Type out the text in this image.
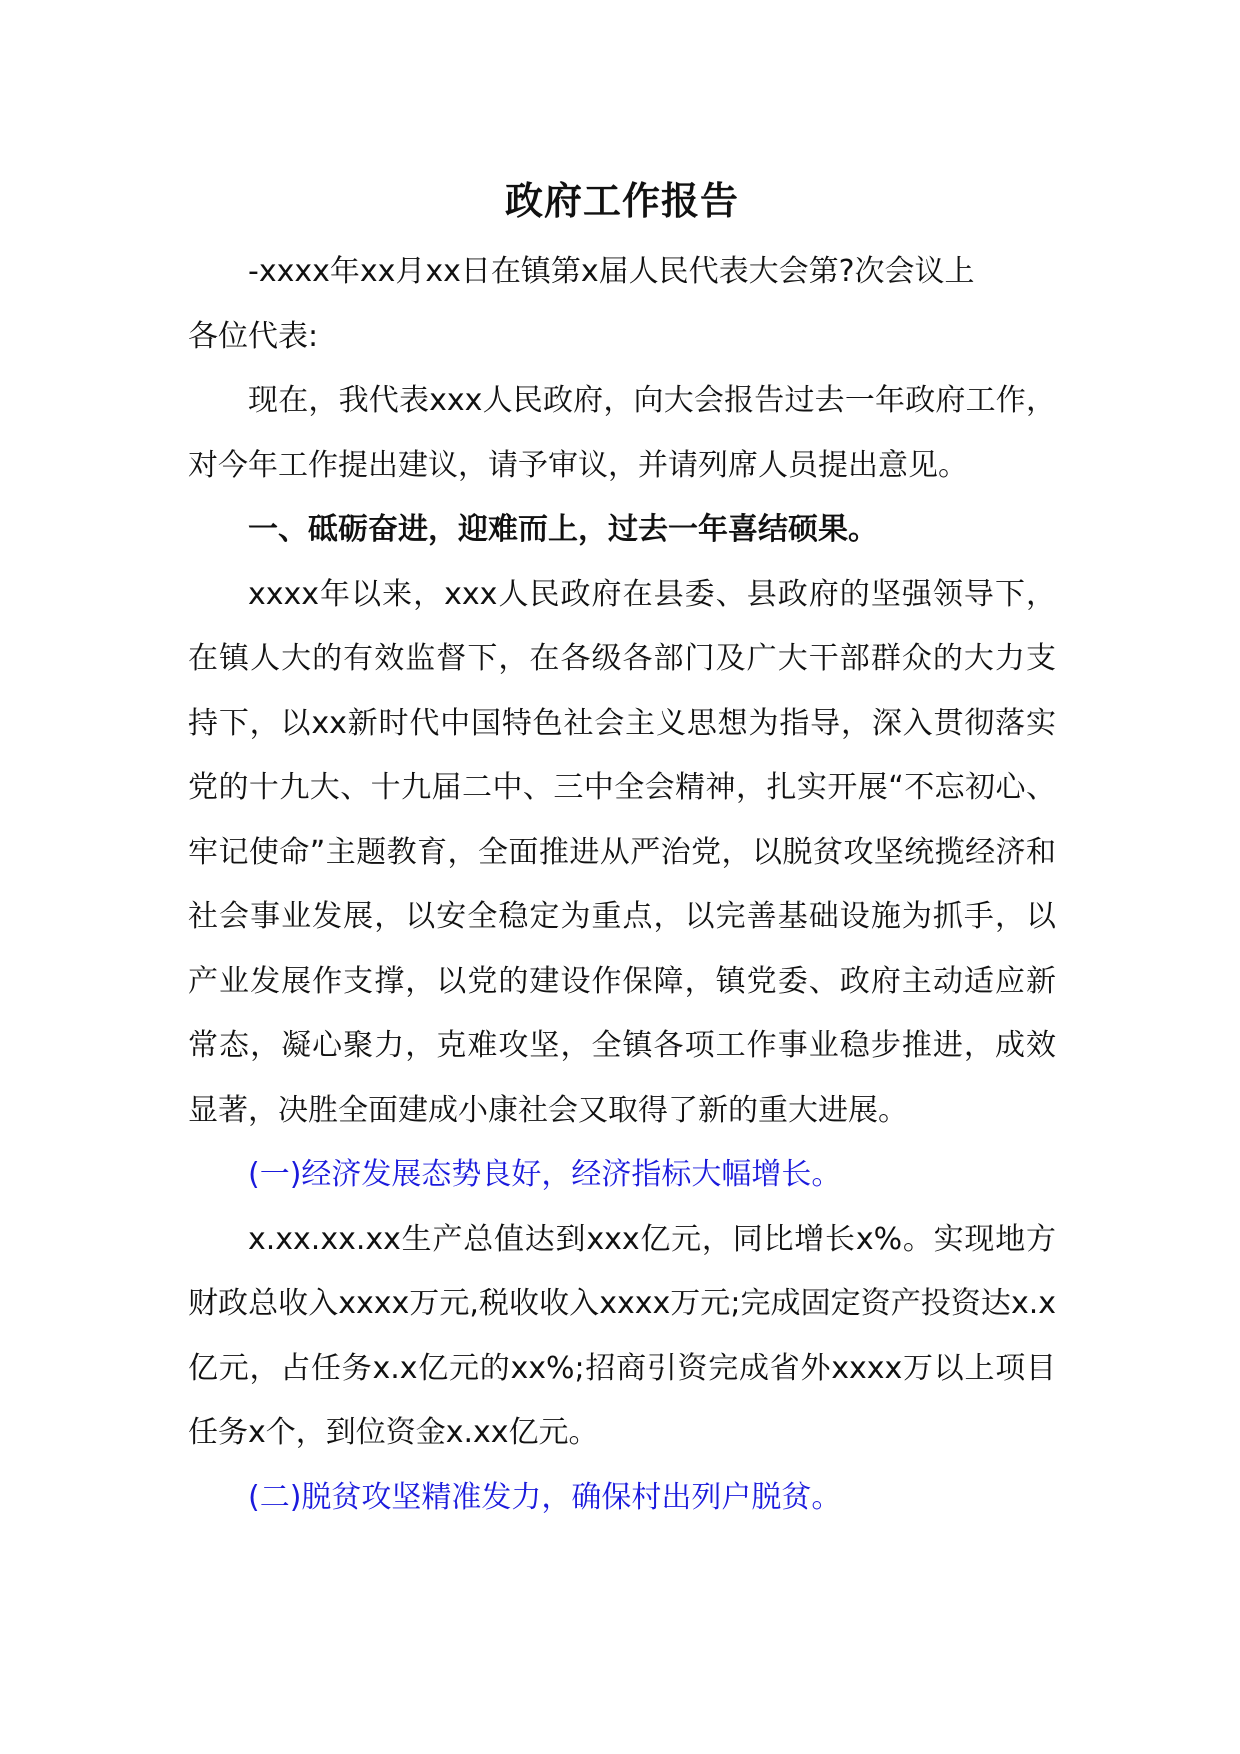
政府工作报告

-xxxx年xx月xx日在镇第x届人民代表大会第?次会议上

各位代表:

现在，我代表xxx人民政府，向大会报告过去一年政府工作，对今年工作提出建议，请予审议，并请列席人员提出意见。

一、砥砺奋进，迎难而上，过去一年喜结硕果。

xxxx年以来，xxx人民政府在县委、县政府的坚强领导下，在镇人大的有效监督下，在各级各部门及广大干部群众的大力支持下，以xx新时代中国特色社会主义思想为指导，深入贯彻落实党的十九大、十九届二中、三中全会精神，扎实开展“不忘初心、牢记使命”主题教育，全面推进从严治党，以脱贫攻坚统揽经济和社会事业发展，以安全稳定为重点，以完善基础设施为抓手，以产业发展作支撑，以党的建设作保障，镇党委、政府主动适应新常态，凝心聚力，克难攻坚，全镇各项工作事业稳步推进，成效显著，决胜全面建成小康社会又取得了新的重大进展。

(一)经济发展态势良好，经济指标大幅增长。

x.xx.xx.xx生产总值达到xxx亿元，同比增长x%。实现地方财政总收入xxxx万元,税收收入xxxx万元;完成固定资产投资达x.x亿元，占任务x.x亿元的xx%;招商引资完成省外xxxx万以上项目任务x个，到位资金x.xx亿元。

(二)脱贫攻坚精准发力，确保村出列户脱贫。
